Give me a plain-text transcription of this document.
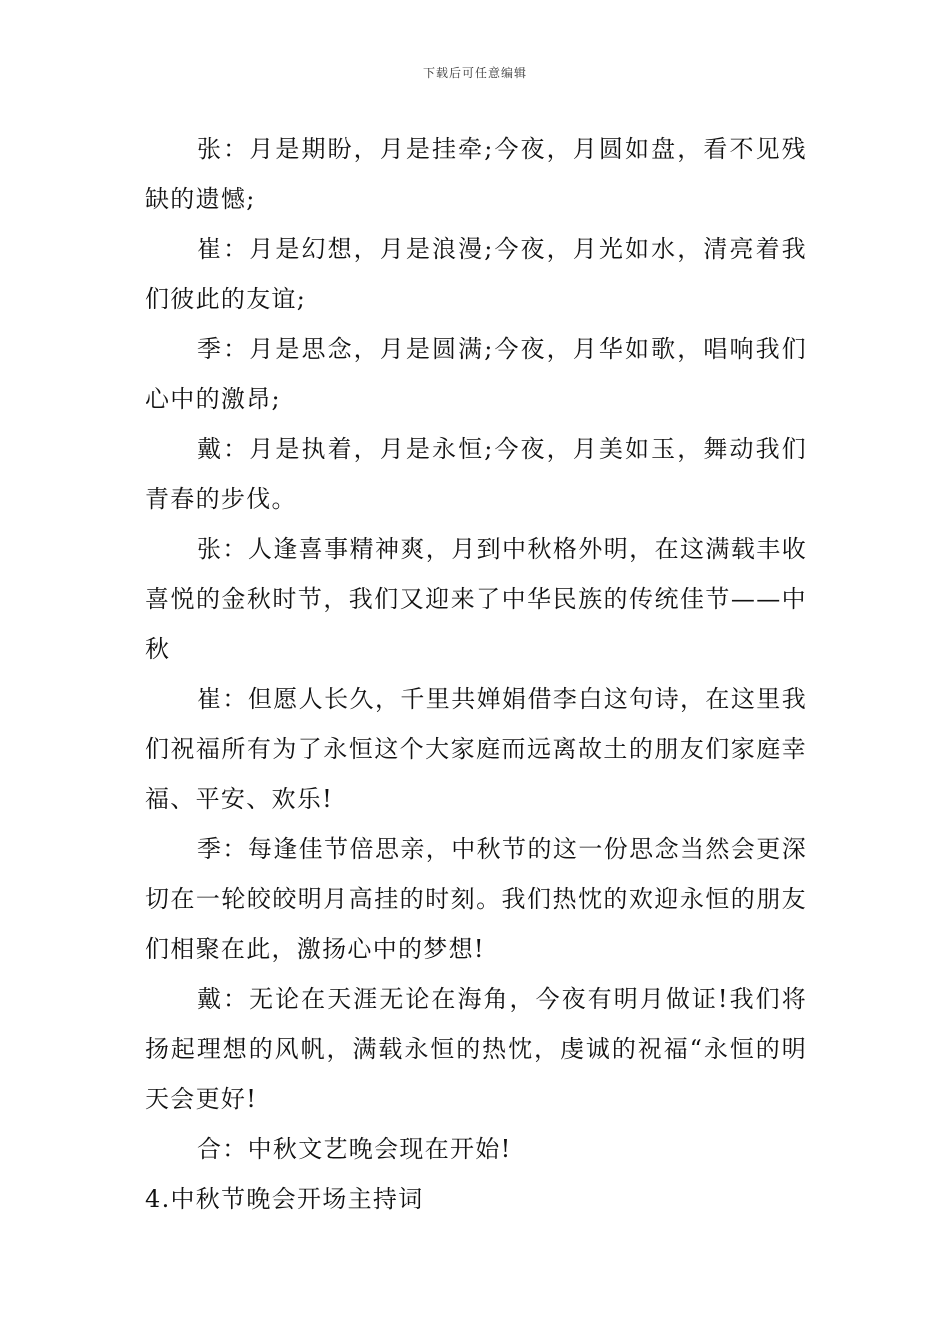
下载后可任意编辑

张：月是期盼，月是挂牵;今夜，月圆如盘，看不见残缺的遗憾;

崔：月是幻想，月是浪漫;今夜，月光如水，清亮着我们彼此的友谊;

季：月是思念，月是圆满;今夜，月华如歌，唱响我们心中的激昂;

戴：月是执着，月是永恒;今夜，月美如玉，舞动我们青春的步伐。

张：人逢喜事精神爽，月到中秋格外明，在这满载丰收喜悦的金秋时节，我们又迎来了中华民族的传统佳节——中秋

崔：但愿人长久，千里共婵娟借李白这句诗，在这里我们祝福所有为了永恒这个大家庭而远离故土的朋友们家庭幸福、平安、欢乐!

季：每逢佳节倍思亲，中秋节的这一份思念当然会更深切在一轮皎皎明月高挂的时刻。我们热忱的欢迎永恒的朋友们相聚在此，激扬心中的梦想!

戴：无论在天涯无论在海角，今夜有明月做证!我们将扬起理想的风帆，满载永恒的热忱，虔诚的祝福“永恒的明天会更好!

合：中秋文艺晚会现在开始!

4.中秋节晚会开场主持词
